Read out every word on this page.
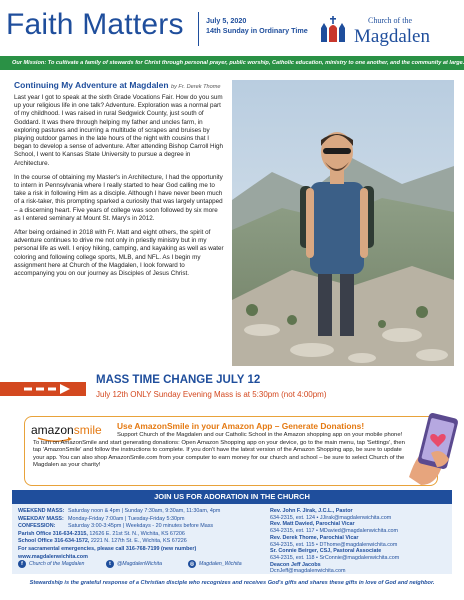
Faith Matters	July 5, 2020
14th Sunday in Ordinary Time
Church of the
Magdalen
Our Mission: To cultivate a family of stewards for Christ through personal prayer, public worship, Catholic education, ministry to one another, and the community at large.
Continuing My Adventure at Magdalen by Fr. Derek Thome

Last year I got to speak at the sixth Grade Vocations Fair. How do you sum up your religious life in one talk? Adventure. Exploration was a normal part of my childhood. I was raised in rural Sedgwick County, just south of Goddard. It was there through helping my father and uncles farm, in exploring pastures and incurring a multitude of scrapes and bruises by playing outdoor games in the late hours of the night with cousins that I began to develop a sense of adventure. After attending Bishop Carroll High School, I went to Kansas State University to pursue a degree in Architecture.

In the course of obtaining my Master's in Architecture, I had the opportunity to intern in Pennsylvania where I really started to hear God calling me to take a risk in following Him as a disciple. Although I have never been much of a risk-taker, this prompting sparked a curiosity that was largely untapped – a discerning heart. Five years of college was soon followed by six more as I entered seminary at Mount St. Mary's in 2012.

After being ordained in 2018 with Fr. Matt and eight others, the spirit of adventure continues to drive me not only in priestly ministry but in my personal life as well. I enjoy hiking, camping, and kayaking as well as water coloring and following college sports, MLB, and NFL. As I begin my assignment here at Church of the Magdalen, I look forward to accompanying you on our journey as Disciples of Jesus Christ.

MASS TIME CHANGE JULY 12
July 12th ONLY Sunday Evening Mass is at 5:30pm (not 4:00pm)
amazonsmile Use AmazonSmile in your Amazon App – Generate Donations!
Support Church of the Magdalen and our Catholic School in the Amazon shopping app on your mobile phone! To turn on AmazonSmile and start generating donations: Open Amazon Shopping app on your device, go to the main menu, tap 'Settings', then tap 'AmazonSmile' and follow the instructions to complete. If you don't have the latest version of the Amazon Shopping app, be sure to update your app. You can also shop AmazonSmile.com from your computer to earn money for our church and school – be sure to select Church of the Magdalen as your charity!
JOIN US FOR ADORATION IN THE CHURCH
WEEKEND MASS: Saturday noon & 4pm | Sunday 7:30am, 9:30am, 11:30am, 4pm
WEEKDAY MASS: Monday-Friday 7:00am | Tuesday-Friday 5:30pm
CONFESSION: Saturday 3:00-3:45pm | Weekdays - 20 minutes before Mass
Parish Office 316-634-2315, 12626 E. 21st St. N., Wichita, KS 67206
School Office 316-634-1572, 2221 N. 127th St. E., Wichita, KS 67226
For sacramental emergencies, please call 316-768-7199 (new number)
www.magdalenwichita.com
f	Church of the Magdalen	t	@MagdalenWichita	◎ Magdalen_Wichita
Rev. John F. Jirak, J.C.L., Pastor
634-2315, ext. 124 • JJirak@magdalenwichita.com
Rev. Matt Davied, Parochial Vicar
634-2315, ext. 117 • MDavied@magdalenwichita.com
Rev. Derek Thome, Parochial Vicar
634-2315, ext. 115 • DThome@magdalenwichita.com
Sr. Connie Beirger, CSJ, Pastoral Associate
634-2315, ext. 118 • SrConnie@magdalenwichita.com
Deacon Jeff Jacobs
DcnJeff@magdalenwichita.com
Stewardship is the grateful response of a Christian disciple who recognizes and receives God's gifts and shares these gifts in love of God and neighbor.
